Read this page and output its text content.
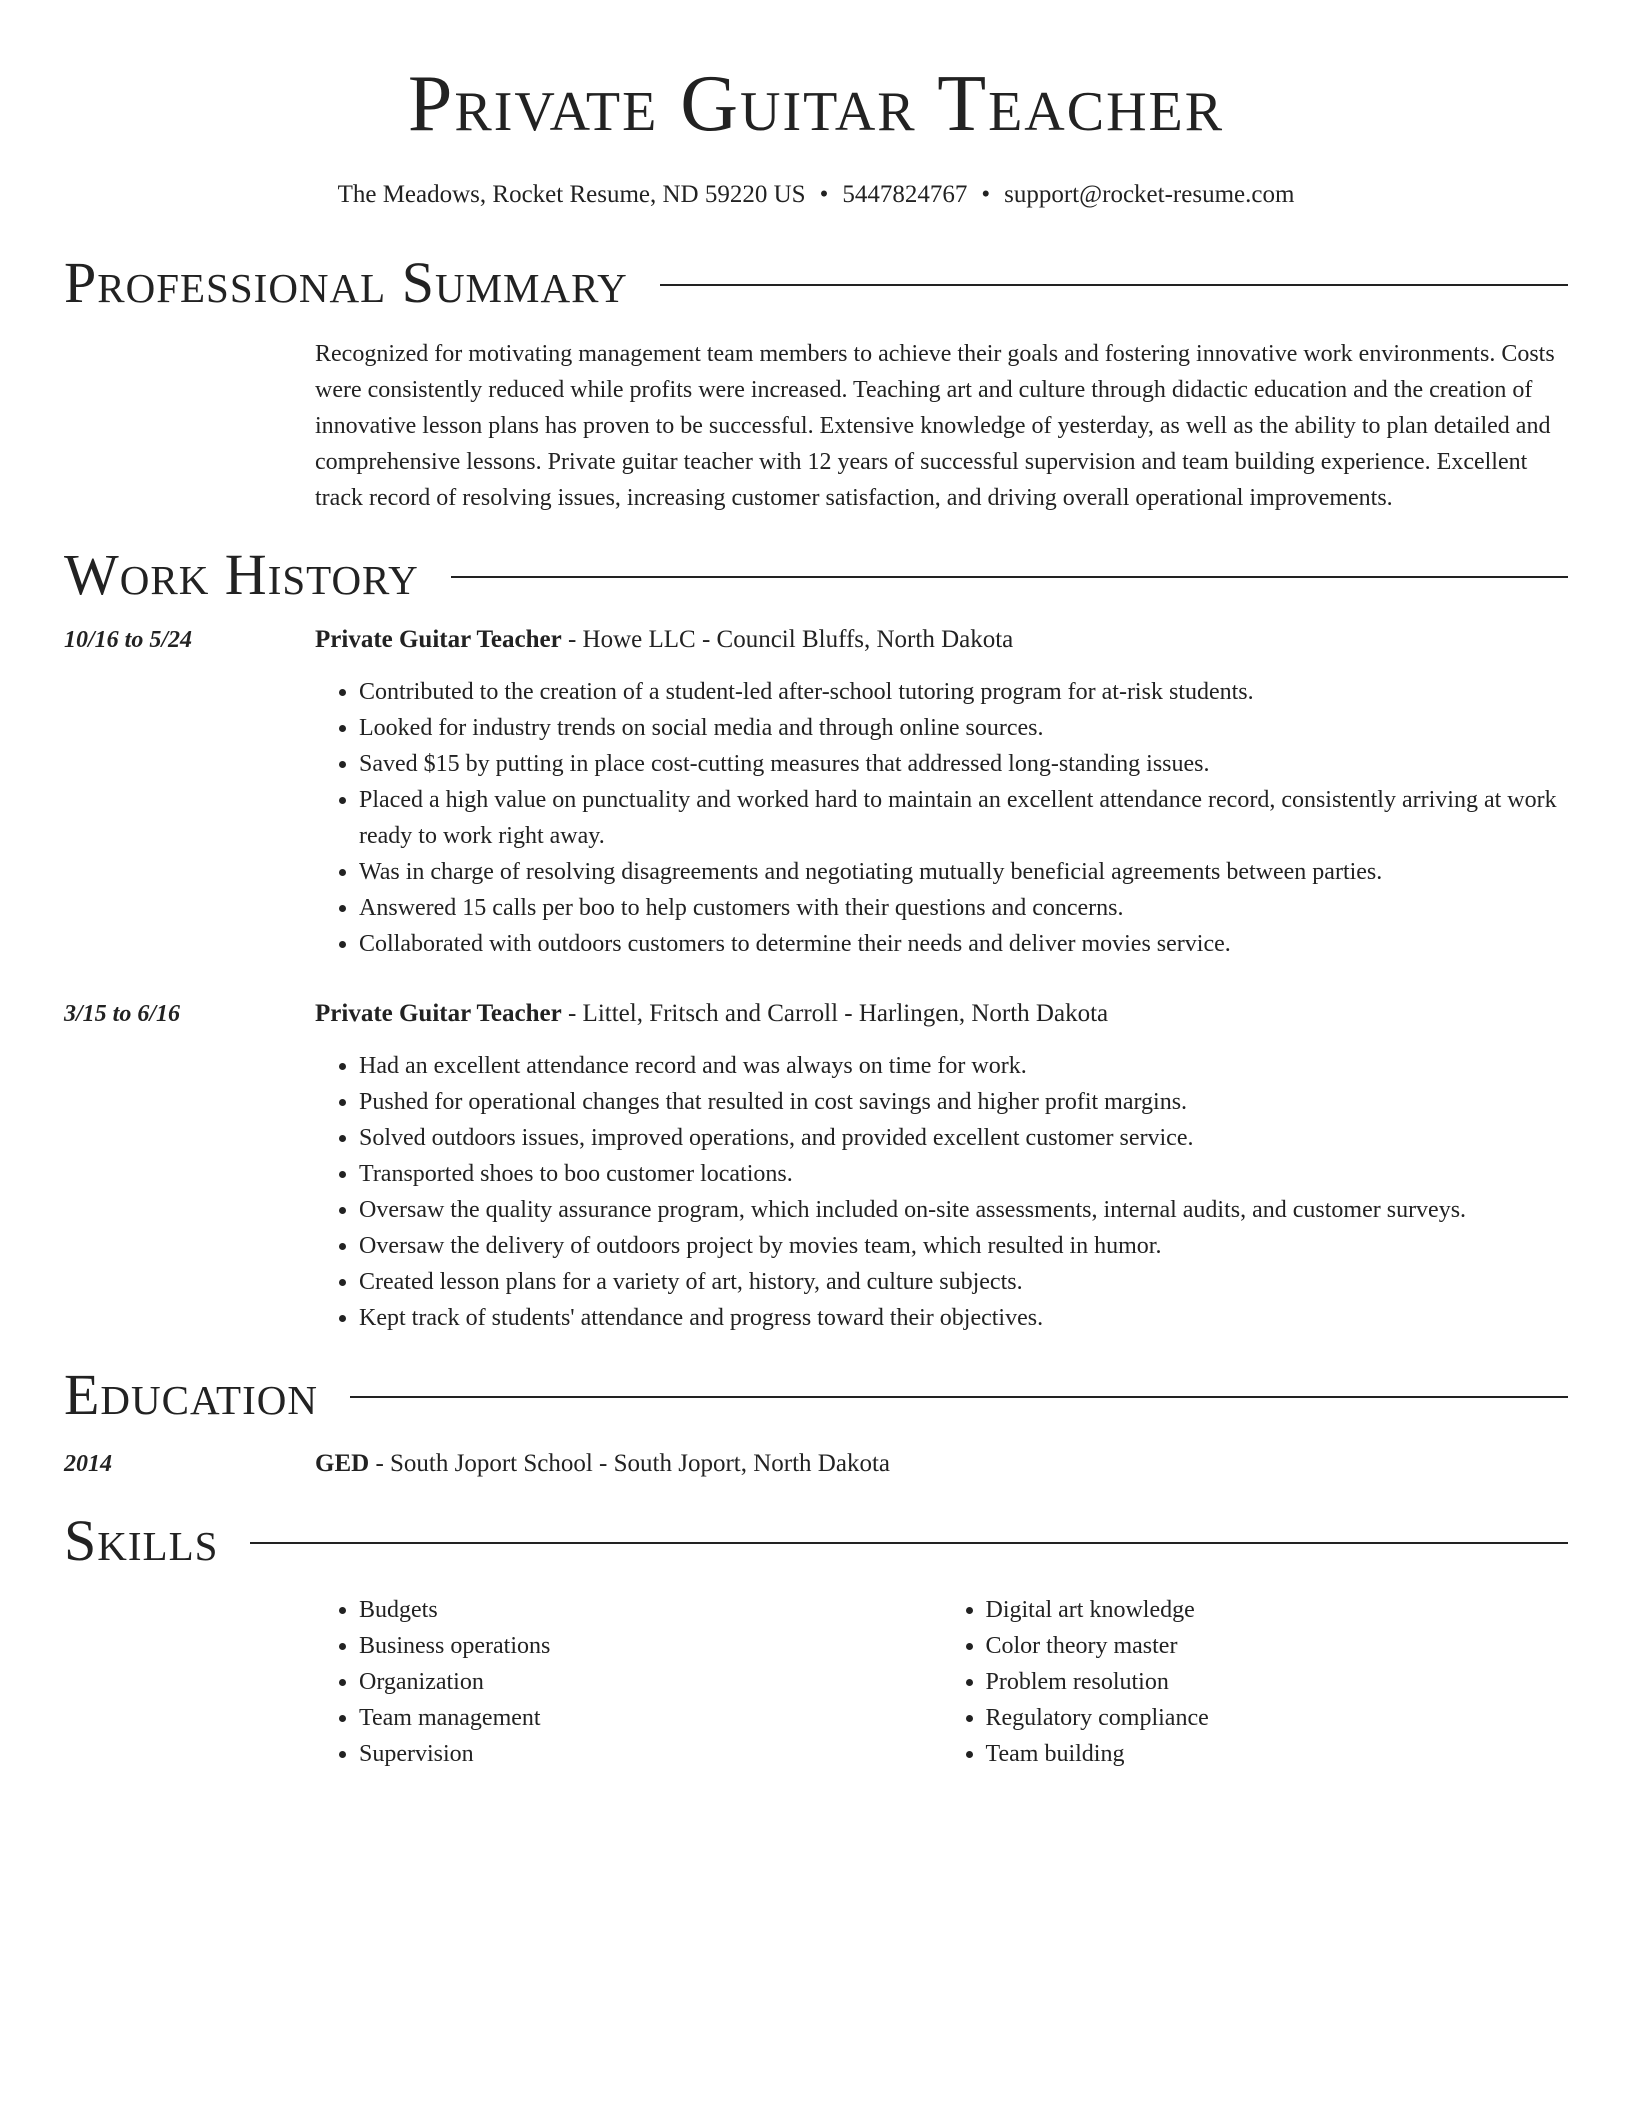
Private Guitar Teacher
The Meadows, Rocket Resume, ND 59220 US • 5447824767 • support@rocket-resume.com
Professional Summary
Recognized for motivating management team members to achieve their goals and fostering innovative work environments. Costs were consistently reduced while profits were increased. Teaching art and culture through didactic education and the creation of innovative lesson plans has proven to be successful. Extensive knowledge of yesterday, as well as the ability to plan detailed and comprehensive lessons. Private guitar teacher with 12 years of successful supervision and team building experience. Excellent track record of resolving issues, increasing customer satisfaction, and driving overall operational improvements.
Work History
10/16 to 5/24	Private Guitar Teacher - Howe LLC - Council Bluffs, North Dakota
• Contributed to the creation of a student-led after-school tutoring program for at-risk students.
• Looked for industry trends on social media and through online sources.
• Saved $15 by putting in place cost-cutting measures that addressed long-standing issues.
• Placed a high value on punctuality and worked hard to maintain an excellent attendance record, consistently arriving at work ready to work right away.
• Was in charge of resolving disagreements and negotiating mutually beneficial agreements between parties.
• Answered 15 calls per boo to help customers with their questions and concerns.
• Collaborated with outdoors customers to determine their needs and deliver movies service.
3/15 to 6/16	Private Guitar Teacher - Littel, Fritsch and Carroll - Harlingen, North Dakota
• Had an excellent attendance record and was always on time for work.
• Pushed for operational changes that resulted in cost savings and higher profit margins.
• Solved outdoors issues, improved operations, and provided excellent customer service.
• Transported shoes to boo customer locations.
• Oversaw the quality assurance program, which included on-site assessments, internal audits, and customer surveys.
• Oversaw the delivery of outdoors project by movies team, which resulted in humor.
• Created lesson plans for a variety of art, history, and culture subjects.
• Kept track of students' attendance and progress toward their objectives.
Education
2014	GED - South Joport School - South Joport, North Dakota
Skills
• Budgets
• Business operations
• Organization
• Team management
• Supervision
• Digital art knowledge
• Color theory master
• Problem resolution
• Regulatory compliance
• Team building
